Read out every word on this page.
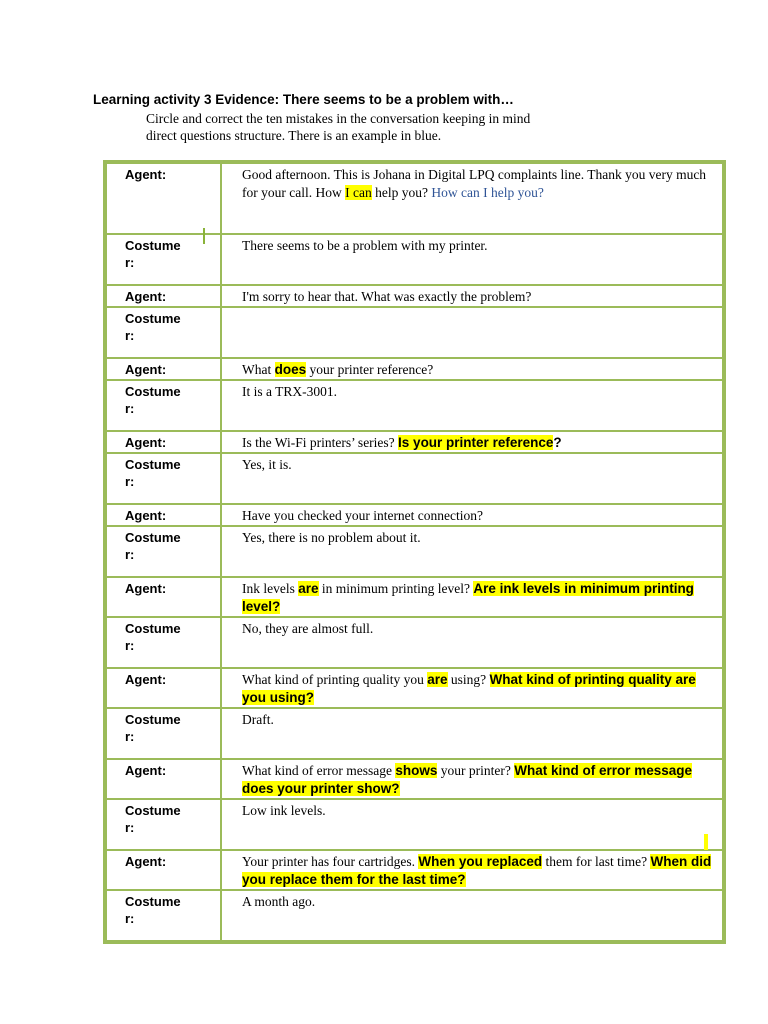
Learning activity 3 Evidence: There seems to be a problem with…
Circle and correct the ten mistakes in the conversation keeping in mind
direct questions structure. There is an example in blue.
Agent:	Good afternoon. This is Johana in Digital LPQ complaints line. Thank you very much for your call. How I can help you? How can I help you?

Costumer:	There seems to be a problem with my printer.

Agent:	I'm sorry to hear that. What was exactly the problem?

Costumer:	

Agent:	What does your printer reference?

Costumer:	It is a TRX-3001.

Agent:	Is the Wi-Fi printers’ series? Is your printer reference?

Costumer:	Yes, it is.

Agent:	Have you checked your internet connection?

Costumer:	Yes, there is no problem about it.

Agent:	Ink levels are in minimum printing level? Are ink levels in minimum printing level?

Costumer:	No, they are almost full.

Agent:	What kind of printing quality you are using? What kind of printing quality are you using?

Costumer:	Draft.

Agent:	What kind of error message shows your printer? What kind of error message does your printer show?

Costumer:	Low ink levels.

Agent:	Your printer has four cartridges. When you replaced them for last time? When did you replace them for the last time?

Costumer:	A month ago.
